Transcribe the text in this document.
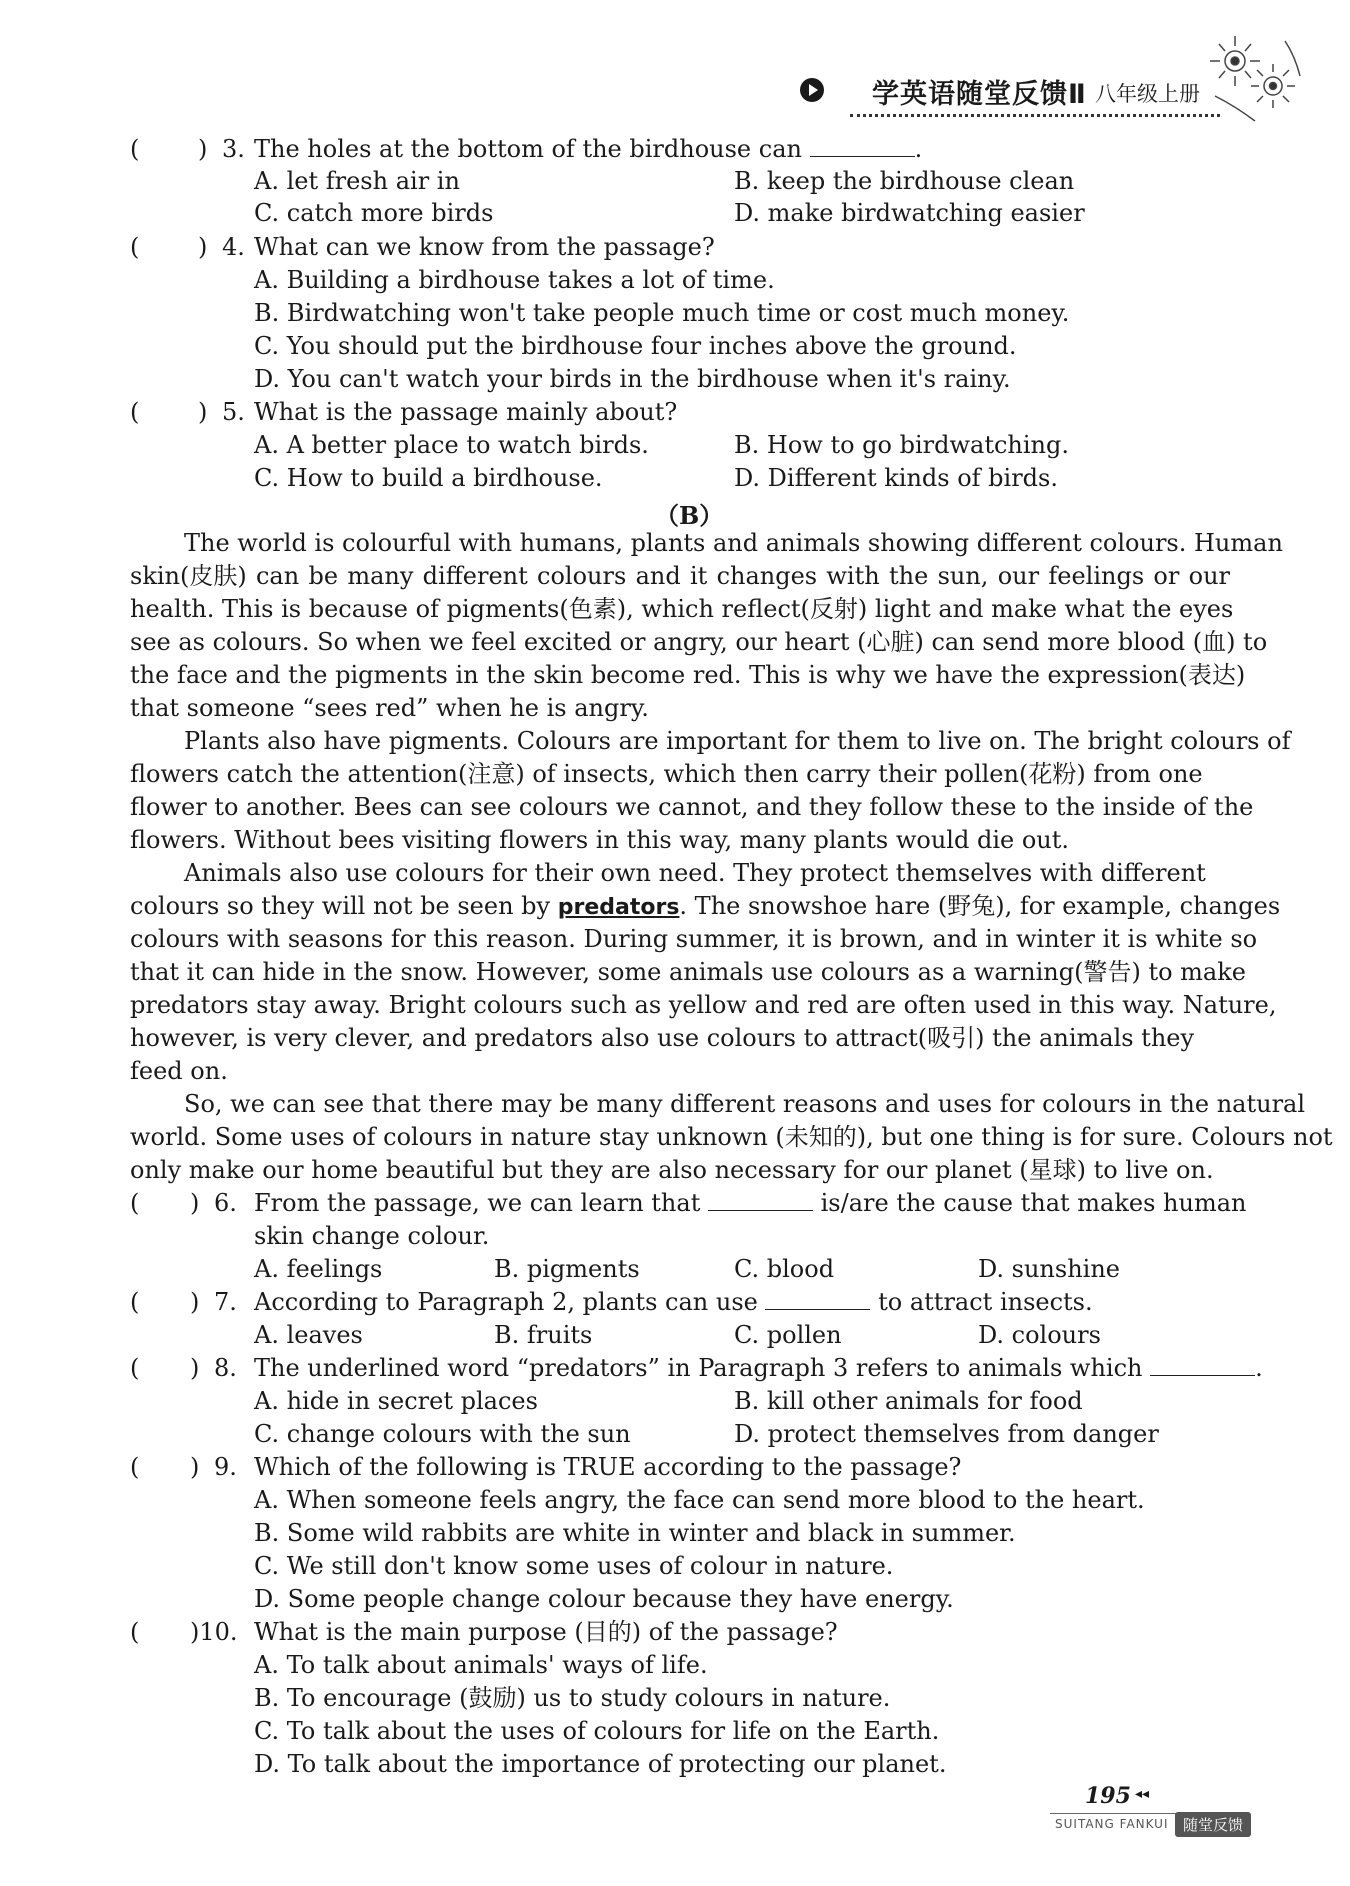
学英语随堂反馈Ⅱ 八年级上册
( ) 3. The holes at the bottom of the birdhouse can	.
A. let fresh air in	B. keep the birdhouse clean
C. catch more birds	D. make birdwatching easier
( ) 4. What can we know from the passage?
A. Building a birdhouse takes a lot of time.
B. Birdwatching won't take people much time or cost much money.
C. You should put the birdhouse four inches above the ground.
D. You can't watch your birds in the birdhouse when it's rainy.
( ) 5. What is the passage mainly about?
A. A better place to watch birds.	B. How to go birdwatching.
C. How to build a birdhouse.	D. Different kinds of birds.
（B）
The world is colourful with humans, plants and animals showing different colours. Human
skin(皮肤) can be many different colours and it changes with the sun, our feelings or our
health. This is because of pigments(色素), which reflect(反射) light and make what the eyes
see as colours. So when we feel excited or angry, our heart (心脏) can send more blood (血) to
the face and the pigments in the skin become red. This is why we have the expression(表达)
that someone “sees red” when he is angry.
Plants also have pigments. Colours are important for them to live on. The bright colours of
flowers catch the attention(注意) of insects, which then carry their pollen(花粉) from one
flower to another. Bees can see colours we cannot, and they follow these to the inside of the
flowers. Without bees visiting flowers in this way, many plants would die out.
Animals also use colours for their own need. They protect themselves with different
colours so they will not be seen by predators. The snowshoe hare (野兔), for example, changes
colours with seasons for this reason. During summer, it is brown, and in winter it is white so
that it can hide in the snow. However, some animals use colours as a warning(警告) to make
predators stay away. Bright colours such as yellow and red are often used in this way. Nature,
however, is very clever, and predators also use colours to attract(吸引) the animals they
feed on.
So, we can see that there may be many different reasons and uses for colours in the natural
world. Some uses of colours in nature stay unknown (未知的), but one thing is for sure. Colours not
only make our home beautiful but they are also necessary for our planet (星球) to live on.
( ) 6. From the passage, we can learn that	is/are the cause that makes human
skin change colour.
A. feelings	B. pigments	C. blood	D. sunshine
( ) 7. According to Paragraph 2, plants can use	to attract insects.
A. leaves	B. fruits	C. pollen	D. colours
( ) 8. The underlined word “predators” in Paragraph 3 refers to animals which	.
A. hide in secret places	B. kill other animals for food
C. change colours with the sun	D. protect themselves from danger
( ) 9. Which of the following is TRUE according to the passage?
A. When someone feels angry, the face can send more blood to the heart.
B. Some wild rabbits are white in winter and black in summer.
C. We still don't know some uses of colour in nature.
D. Some people change colour because they have energy.
( )10. What is the main purpose (目的) of the passage?
A. To talk about animals' ways of life.
B. To encourage (鼓励) us to study colours in nature.
C. To talk about the uses of colours for life on the Earth.
D. To talk about the importance of protecting our planet.
195 ◂◂
SUITANG FANKUI 随堂反馈
